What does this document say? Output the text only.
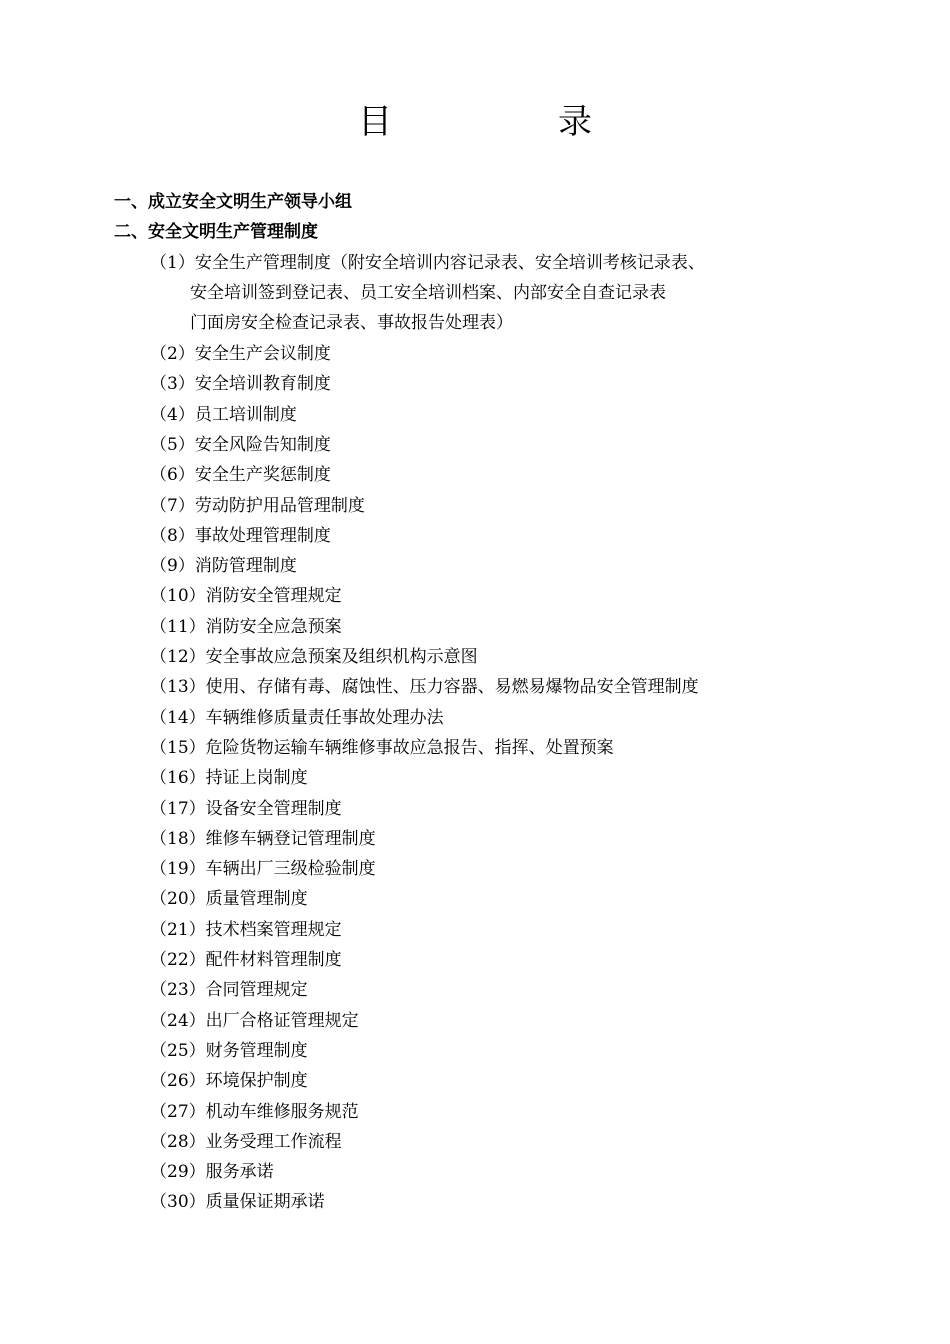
目　录
一、成立安全文明生产领导小组
二、安全文明生产管理制度
（1）安全生产管理制度（附安全培训内容记录表、安全培训考核记录表、
安全培训签到登记表、员工安全培训档案、内部安全自查记录表
门面房安全检查记录表、事故报告处理表）
（2）安全生产会议制度
（3）安全培训教育制度
（4）员工培训制度
（5）安全风险告知制度
（6）安全生产奖惩制度
（7）劳动防护用品管理制度
（8）事故处理管理制度
（9）消防管理制度
（10）消防安全管理规定
（11）消防安全应急预案
（12）安全事故应急预案及组织机构示意图
（13）使用、存储有毒、腐蚀性、压力容器、易燃易爆物品安全管理制度
（14）车辆维修质量责任事故处理办法
（15）危险货物运输车辆维修事故应急报告、指挥、处置预案
（16）持证上岗制度
（17）设备安全管理制度
（18）维修车辆登记管理制度
（19）车辆出厂三级检验制度
（20）质量管理制度
（21）技术档案管理规定
（22）配件材料管理制度
（23）合同管理规定
（24）出厂合格证管理规定
（25）财务管理制度
（26）环境保护制度
（27）机动车维修服务规范
（28）业务受理工作流程
（29）服务承诺
（30）质量保证期承诺
